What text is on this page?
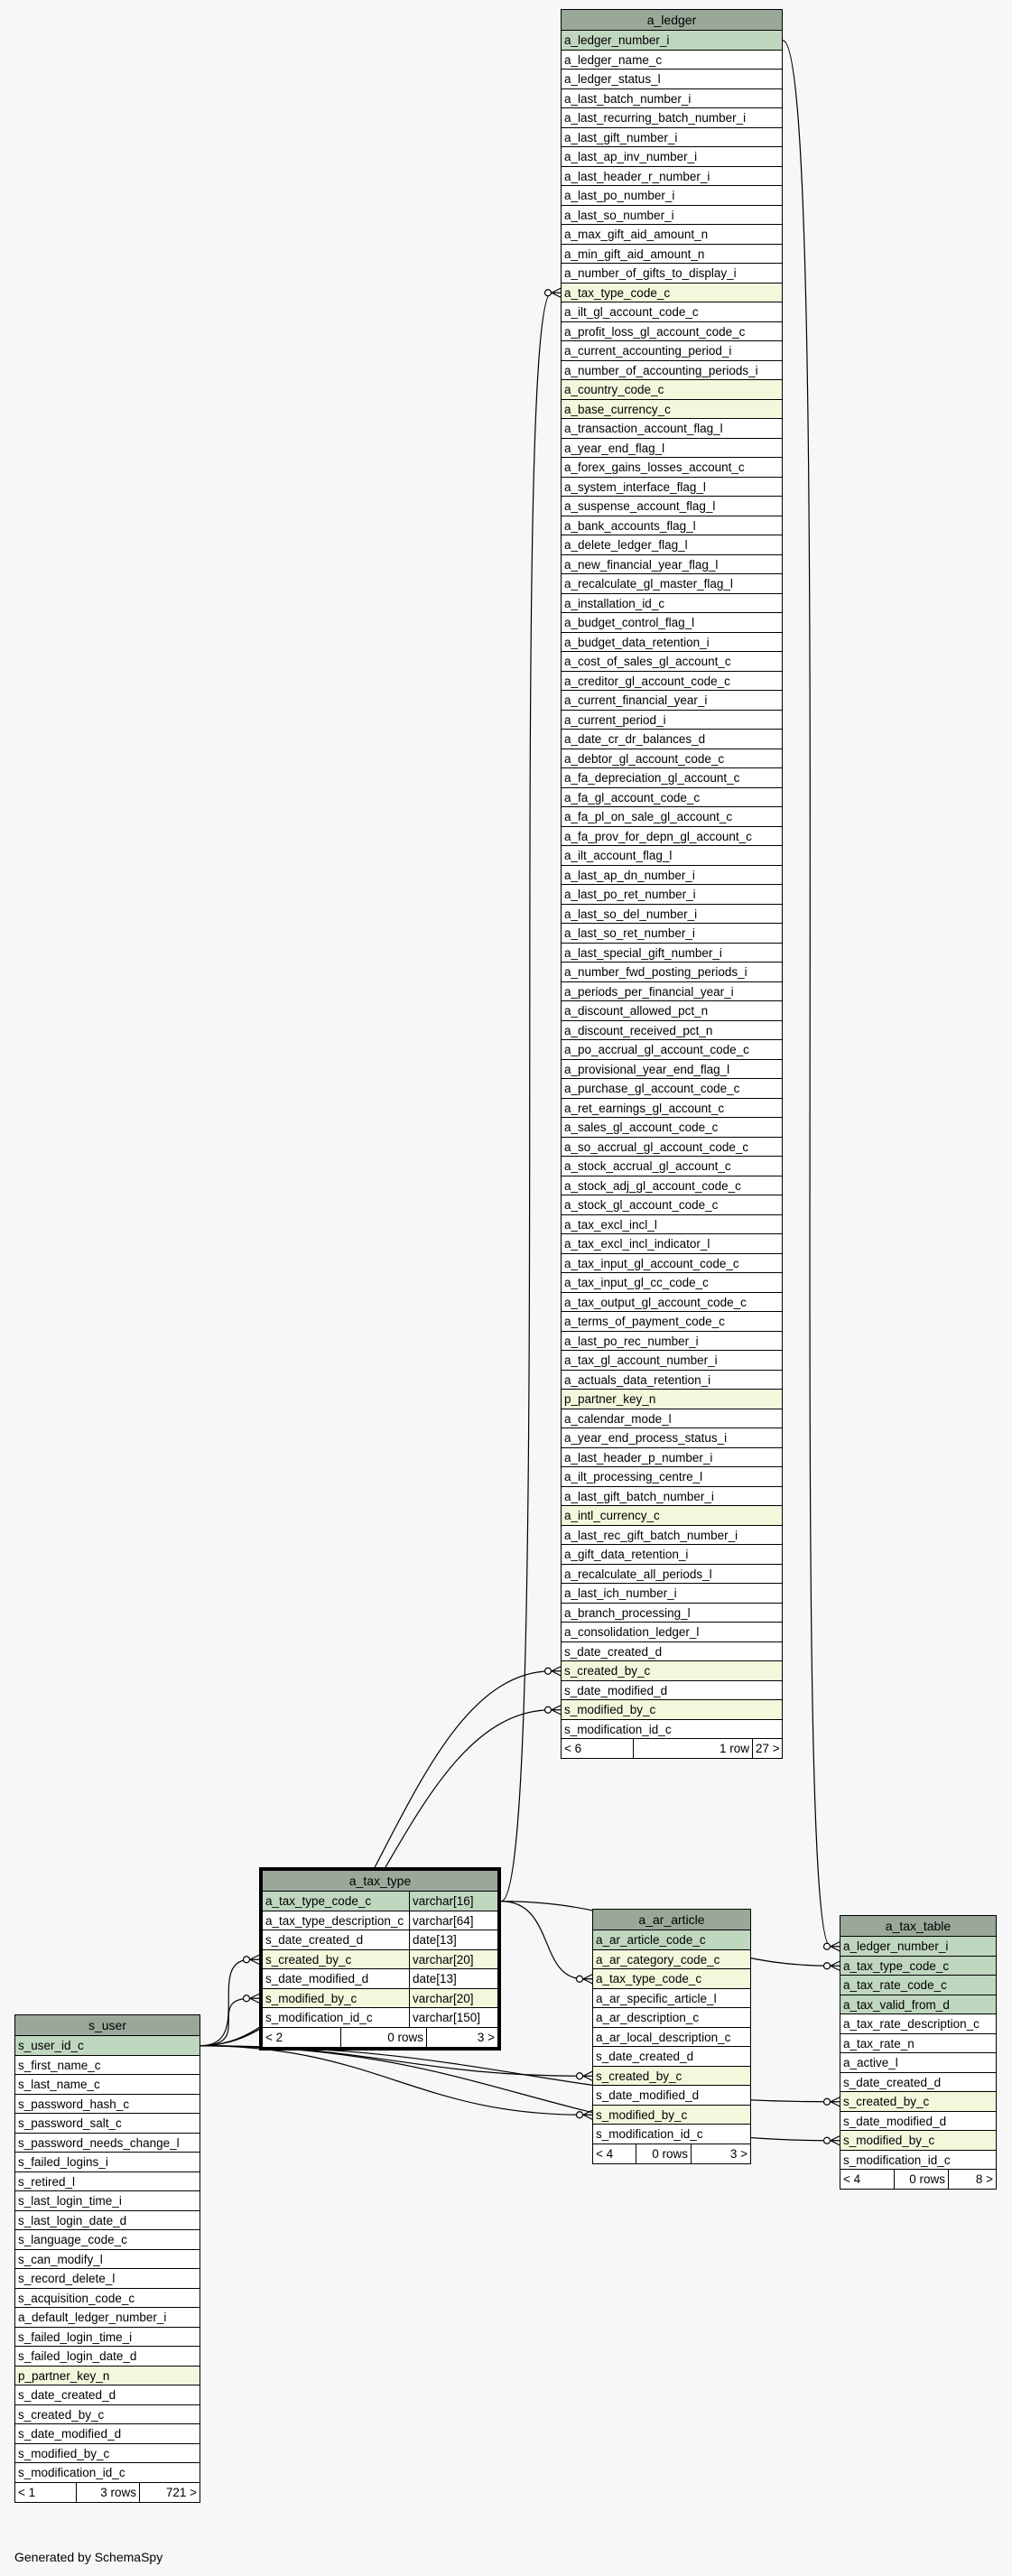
a_ledger
a_ledger_number_i
a_ledger_name_c
a_ledger_status_l
a_last_batch_number_i
a_last_recurring_batch_number_i
a_last_gift_number_i
a_last_ap_inv_number_i
a_last_header_r_number_i
a_last_po_number_i
a_last_so_number_i
a_max_gift_aid_amount_n
a_min_gift_aid_amount_n
a_number_of_gifts_to_display_i
a_tax_type_code_c
a_ilt_gl_account_code_c
a_profit_loss_gl_account_code_c
a_current_accounting_period_i
a_number_of_accounting_periods_i
a_country_code_c
a_base_currency_c
a_transaction_account_flag_l
a_year_end_flag_l
a_forex_gains_losses_account_c
a_system_interface_flag_l
a_suspense_account_flag_l
a_bank_accounts_flag_l
a_delete_ledger_flag_l
a_new_financial_year_flag_l
a_recalculate_gl_master_flag_l
a_installation_id_c
a_budget_control_flag_l
a_budget_data_retention_i
a_cost_of_sales_gl_account_c
a_creditor_gl_account_code_c
a_current_financial_year_i
a_current_period_i
a_date_cr_dr_balances_d
a_debtor_gl_account_code_c
a_fa_depreciation_gl_account_c
a_fa_gl_account_code_c
a_fa_pl_on_sale_gl_account_c
a_fa_prov_for_depn_gl_account_c
a_ilt_account_flag_l
a_last_ap_dn_number_i
a_last_po_ret_number_i
a_last_so_del_number_i
a_last_so_ret_number_i
a_last_special_gift_number_i
a_number_fwd_posting_periods_i
a_periods_per_financial_year_i
a_discount_allowed_pct_n
a_discount_received_pct_n
a_po_accrual_gl_account_code_c
a_provisional_year_end_flag_l
a_purchase_gl_account_code_c
a_ret_earnings_gl_account_c
a_sales_gl_account_code_c
a_so_accrual_gl_account_code_c
a_stock_accrual_gl_account_c
a_stock_adj_gl_account_code_c
a_stock_gl_account_code_c
a_tax_excl_incl_l
a_tax_excl_incl_indicator_l
a_tax_input_gl_account_code_c
a_tax_input_gl_cc_code_c
a_tax_output_gl_account_code_c
a_terms_of_payment_code_c
a_last_po_rec_number_i
a_tax_gl_account_number_i
a_actuals_data_retention_i
p_partner_key_n
a_calendar_mode_l
a_year_end_process_status_i
a_last_header_p_number_i
a_ilt_processing_centre_l
a_last_gift_batch_number_i
a_intl_currency_c
a_last_rec_gift_batch_number_i
a_gift_data_retention_i
a_recalculate_all_periods_l
a_last_ich_number_i
a_branch_processing_l
a_consolidation_ledger_l
s_date_created_d
s_created_by_c
s_date_modified_d
s_modified_by_c
s_modification_id_c
< 6	1 row 27 >
a_tax_type
a_tax_type_code_c	varchar[16]
a_tax_type_description_c varchar[64]
s_date_created_d	date[13]
s_created_by_c	varchar[20]
s_date_modified_d	date[13]
s_modified_by_c	varchar[20]
s_modification_id_c	varchar[150]
< 2	0 rows	3 >
a_ar_article
a_ar_article_code_c
a_ar_category_code_c
a_tax_type_code_c
a_ar_specific_article_l
a_ar_description_c
a_ar_local_description_c
s_date_created_d
s_created_by_c
s_date_modified_d
s_modified_by_c
s_modification_id_c
< 4	0 rows	3 >
a_tax_table
a_ledger_number_i
a_tax_type_code_c
a_tax_rate_code_c
a_tax_valid_from_d
a_tax_rate_description_c
a_tax_rate_n
a_active_l
s_date_created_d
s_created_by_c
s_date_modified_d
s_modified_by_c
s_modification_id_c
< 4	0 rows	8 >
s_user
s_user_id_c
s_first_name_c
s_last_name_c
s_password_hash_c
s_password_salt_c
s_password_needs_change_l
s_failed_logins_i
s_retired_l
s_last_login_time_i
s_last_login_date_d
s_language_code_c
s_can_modify_l
s_record_delete_l
s_acquisition_code_c
a_default_ledger_number_i
s_failed_login_time_i
s_failed_login_date_d
p_partner_key_n
s_date_created_d
s_created_by_c
s_date_modified_d
s_modified_by_c
s_modification_id_c
< 1	3 rows	721 >
Generated by SchemaSpy
